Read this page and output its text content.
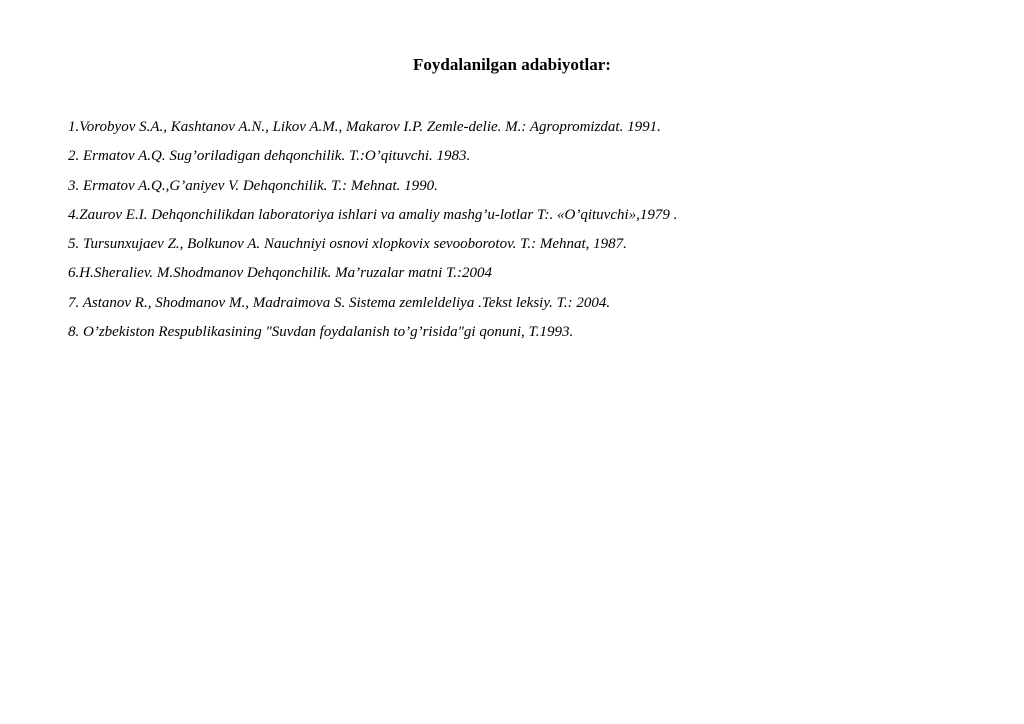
Foydalanilgan adabiyotlar:
1.Vorobyov S.A., Kashtanov A.N., Likov A.M., Makarov I.P. Zemle-delie. M.: Agropromizdat. 1991.
2. Ermatov A.Q. Sug’oriladigan dehqonchilik. T.:O’qituvchi. 1983.
3. Ermatov A.Q.,G’aniyev V. Dehqonchilik. T.: Mehnat. 1990.
4.Zaurov E.I. Dehqonchilikdan laboratoriya ishlari va amaliy mashg’u-lotlar T:. «O’qituvchi»,1979 .
5. Tursunxujaev Z., Bolkunov A. Nauchniyi osnovi xlopkovix sevooborotov. T.: Mehnat, 1987.
6.H.Sheraliev. M.Shodmanov Dehqonchilik. Ma’ruzalar matni T.:2004
7. Astanov R., Shodmanov M., Madraimova S. Sistema zemleldeliya .Tekst leksiy. T.: 2004.
8. O’zbekiston Respublikasining "Suvdan foydalanish to’g’risida"gi qonuni, T.1993.
